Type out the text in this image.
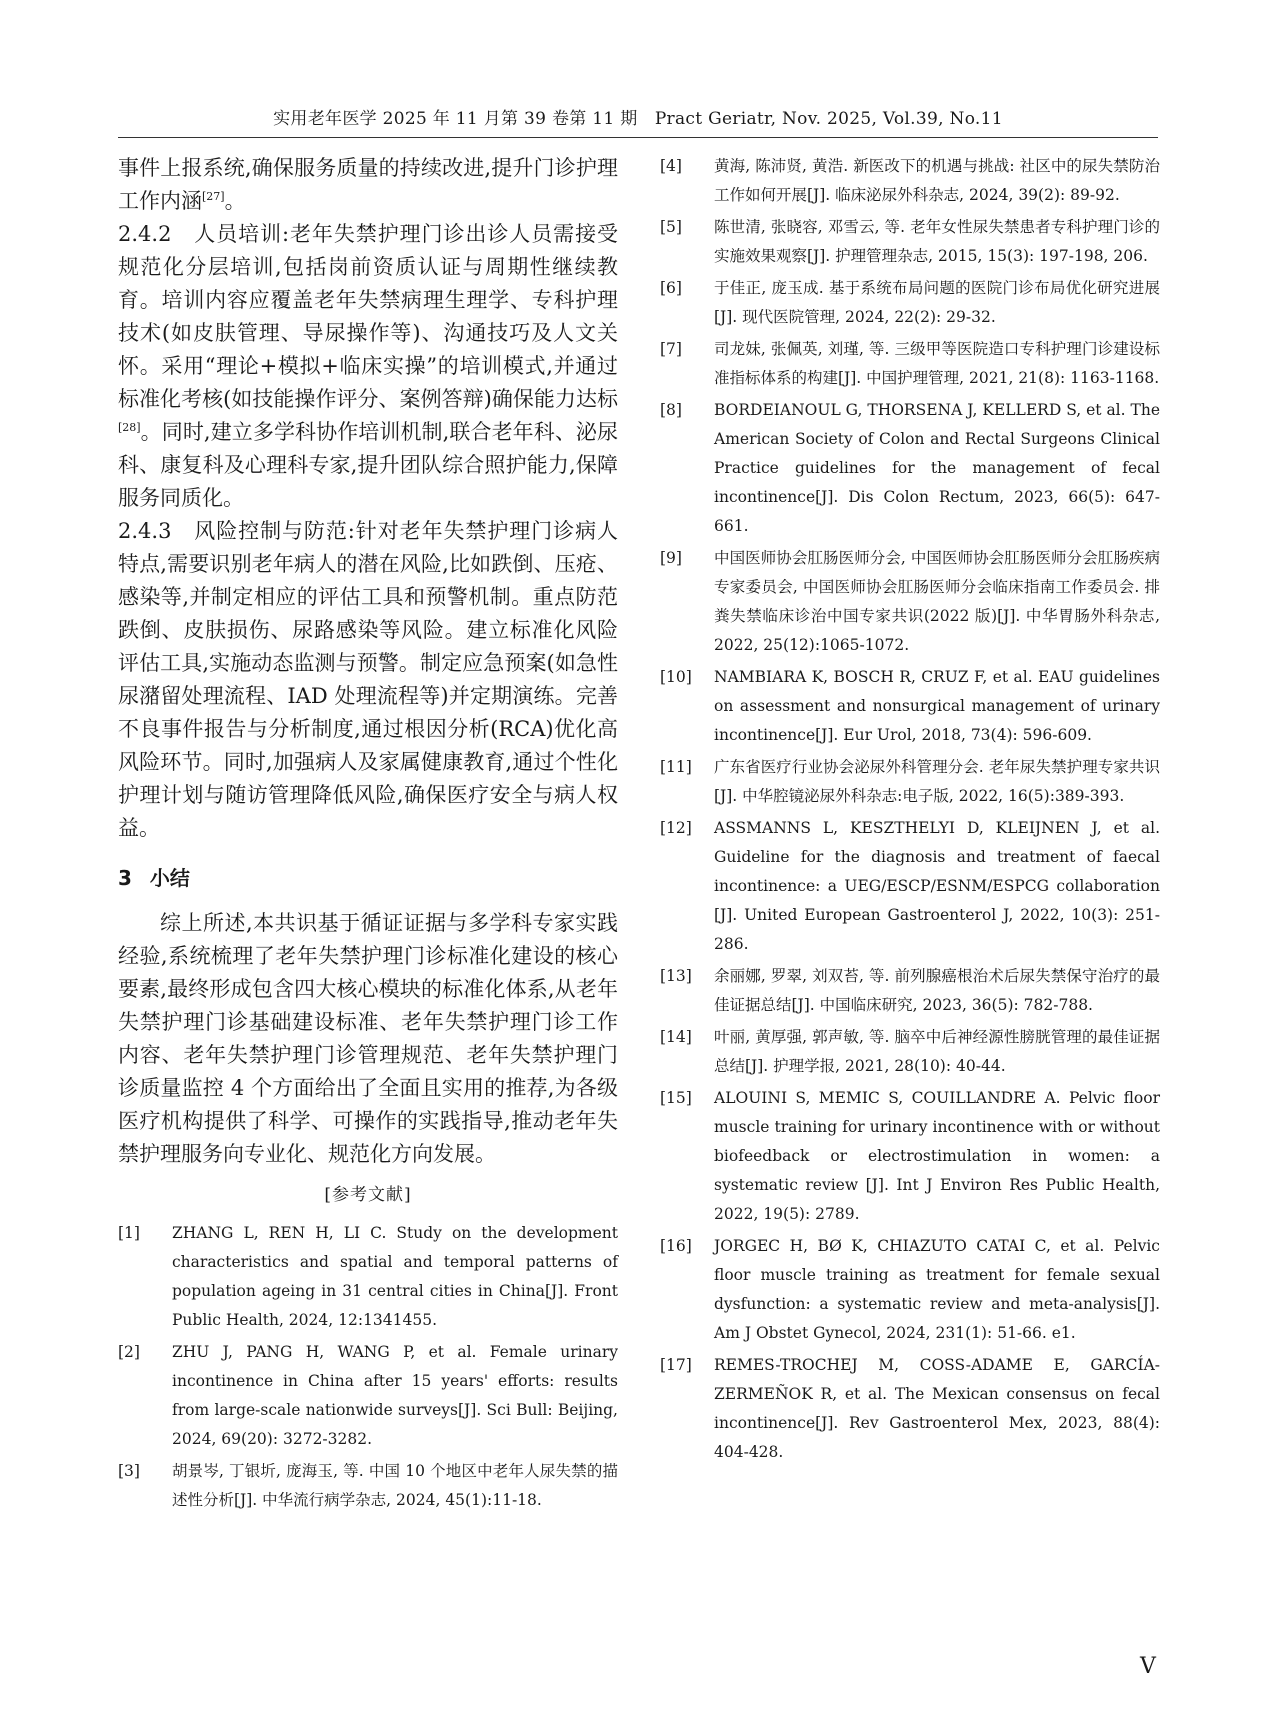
实用老年医学 2025 年 11 月第 39 卷第 11 期　Pract Geriatr, Nov. 2025, Vol.39, No.11

事件上报系统,确保服务质量的持续改进,提升门诊护理工作内涵[27]。

2.4.2　人员培训:老年失禁护理门诊出诊人员需接受规范化分层培训,包括岗前资质认证与周期性继续教育。培训内容应覆盖老年失禁病理生理学、专科护理技术(如皮肤管理、导尿操作等)、沟通技巧及人文关怀。采用“理论+模拟+临床实操”的培训模式,并通过标准化考核(如技能操作评分、案例答辩)确保能力达标[28]。同时,建立多学科协作培训机制,联合老年科、泌尿科、康复科及心理科专家,提升团队综合照护能力,保障服务同质化。

2.4.3　风险控制与防范:针对老年失禁护理门诊病人特点,需要识别老年病人的潜在风险,比如跌倒、压疮、感染等,并制定相应的评估工具和预警机制。重点防范跌倒、皮肤损伤、尿路感染等风险。建立标准化风险评估工具,实施动态监测与预警。制定应急预案(如急性尿潴留处理流程、IAD 处理流程等)并定期演练。完善不良事件报告与分析制度,通过根因分析(RCA)优化高风险环节。同时,加强病人及家属健康教育,通过个性化护理计划与随访管理降低风险,确保医疗安全与病人权益。

3 小结

综上所述,本共识基于循证证据与多学科专家实践经验,系统梳理了老年失禁护理门诊标准化建设的核心要素,最终形成包含四大核心模块的标准化体系,从老年失禁护理门诊基础建设标准、老年失禁护理门诊工作内容、老年失禁护理门诊管理规范、老年失禁护理门诊质量监控 4 个方面给出了全面且实用的推荐,为各级医疗机构提供了科学、可操作的实践指导,推动老年失禁护理服务向专业化、规范化方向发展。

[参考文献]
[1]	ZHANG L, REN H, LI C. Study on the development characteristics and spatial and temporal patterns of population ageing in 31 central cities in China[J]. Front Public Health, 2024, 12:1341455.
[2]	ZHU J, PANG H, WANG P, et al. Female urinary incontinence in China after 15 years' efforts: results from large-scale nationwide surveys[J]. Sci Bull: Beijing, 2024, 69(20): 3272-3282.
[3]	胡景岑, 丁银圻, 庞海玉, 等. 中国 10 个地区中老年人尿失禁的描述性分析[J]. 中华流行病学杂志, 2024, 45(1):11-18.
[4]	黄海, 陈沛贤, 黄浩. 新医改下的机遇与挑战: 社区中的尿失禁防治工作如何开展[J]. 临床泌尿外科杂志, 2024, 39(2): 89-92.
[5]	陈世清, 张晓容, 邓雪云, 等. 老年女性尿失禁患者专科护理门诊的实施效果观察[J]. 护理管理杂志, 2015, 15(3): 197-198, 206.
[6]	于佳正, 庞玉成. 基于系统布局问题的医院门诊布局优化研究进展[J]. 现代医院管理, 2024, 22(2): 29-32.
[7]	司龙妹, 张佩英, 刘瑾, 等. 三级甲等医院造口专科护理门诊建设标准指标体系的构建[J]. 中国护理管理, 2021, 21(8): 1163-1168.
[8]	BORDEIANOUL G, THORSENA J, KELLERD S, et al. The American Society of Colon and Rectal Surgeons Clinical Practice guidelines for the management of fecal incontinence[J]. Dis Colon Rectum, 2023, 66(5): 647-661.
[9]	中国医师协会肛肠医师分会, 中国医师协会肛肠医师分会肛肠疾病专家委员会, 中国医师协会肛肠医师分会临床指南工作委员会. 排粪失禁临床诊治中国专家共识(2022 版)[J]. 中华胃肠外科杂志, 2022, 25(12):1065-1072.
[10]	NAMBIARA K, BOSCH R, CRUZ F, et al. EAU guidelines on assessment and nonsurgical management of urinary incontinence[J]. Eur Urol, 2018, 73(4): 596-609.
[11]	广东省医疗行业协会泌尿外科管理分会. 老年尿失禁护理专家共识[J]. 中华腔镜泌尿外科杂志:电子版, 2022, 16(5):389-393.
[12]	ASSMANNS L, KESZTHELYI D, KLEIJNEN J, et al. Guideline for the diagnosis and treatment of faecal incontinence: a UEG/ESCP/ESNM/ESPCG collaboration [J]. United European Gastroenterol J, 2022, 10(3): 251-286.
[13]	余丽娜, 罗翠, 刘双苔, 等. 前列腺癌根治术后尿失禁保守治疗的最佳证据总结[J]. 中国临床研究, 2023, 36(5): 782-788.
[14]	叶丽, 黄厚强, 郭声敏, 等. 脑卒中后神经源性膀胱管理的最佳证据总结[J]. 护理学报, 2021, 28(10): 40-44.
[15]	ALOUINI S, MEMIC S, COUILLANDRE A. Pelvic floor muscle training for urinary incontinence with or without biofeedback or electrostimulation in women: a systematic review [J]. Int J Environ Res Public Health, 2022, 19(5): 2789.
[16]	JORGEC H, BØ K, CHIAZUTO CATAI C, et al. Pelvic floor muscle training as treatment for female sexual dysfunction: a systematic review and meta-analysis[J]. Am J Obstet Gynecol, 2024, 231(1): 51-66. e1.
[17]	REMES-TROCHEJ M, COSS-ADAME E, GARCÍA-ZERMEÑOK R, et al. The Mexican consensus on fecal incontinence[J]. Rev Gastroenterol Mex, 2023, 88(4): 404-428.
V
